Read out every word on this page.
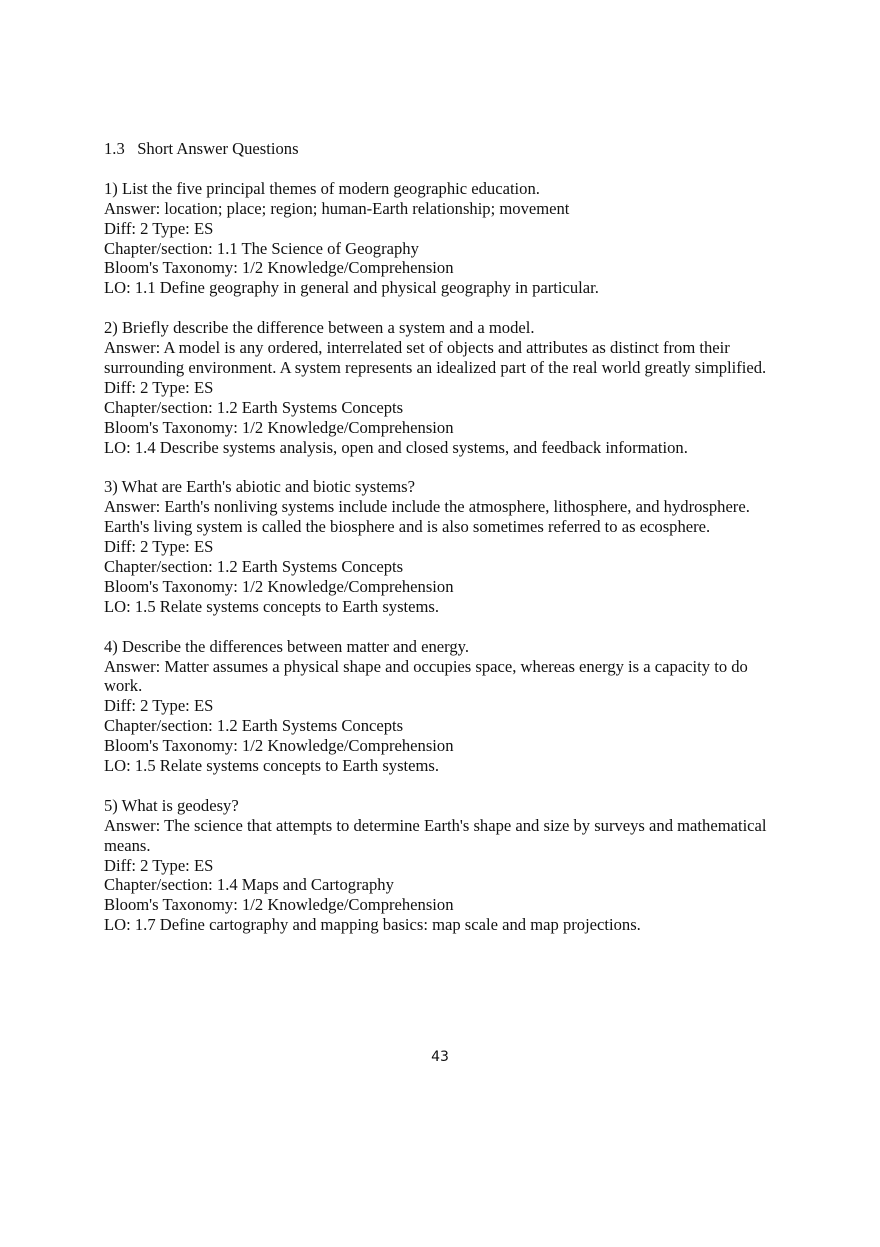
1.3 Short Answer Questions
1) List the five principal themes of modern geographic education.
Answer: location; place; region; human-Earth relationship; movement
Diff: 2 Type: ES
Chapter/section: 1.1 The Science of Geography
Bloom's Taxonomy: 1/2 Knowledge/Comprehension
LO: 1.1 Define geography in general and physical geography in particular.
2) Briefly describe the difference between a system and a model.
Answer: A model is any ordered, interrelated set of objects and attributes as distinct from their surrounding environment. A system represents an idealized part of the real world greatly simplified.
Diff: 2 Type: ES
Chapter/section: 1.2 Earth Systems Concepts
Bloom's Taxonomy: 1/2 Knowledge/Comprehension
LO: 1.4 Describe systems analysis, open and closed systems, and feedback information.
3) What are Earth's abiotic and biotic systems?
Answer: Earth's nonliving systems include include the atmosphere, lithosphere, and hydrosphere. Earth's living system is called the biosphere and is also sometimes referred to as ecosphere.
Diff: 2 Type: ES
Chapter/section: 1.2 Earth Systems Concepts
Bloom's Taxonomy: 1/2 Knowledge/Comprehension
LO: 1.5 Relate systems concepts to Earth systems.
4) Describe the differences between matter and energy.
Answer: Matter assumes a physical shape and occupies space, whereas energy is a capacity to do work.
Diff: 2 Type: ES
Chapter/section: 1.2 Earth Systems Concepts
Bloom's Taxonomy: 1/2 Knowledge/Comprehension
LO: 1.5 Relate systems concepts to Earth systems.
5) What is geodesy?
Answer: The science that attempts to determine Earth's shape and size by surveys and mathematical means.
Diff: 2 Type: ES
Chapter/section: 1.4 Maps and Cartography
Bloom's Taxonomy: 1/2 Knowledge/Comprehension
LO: 1.7 Define cartography and mapping basics: map scale and map projections.
43
